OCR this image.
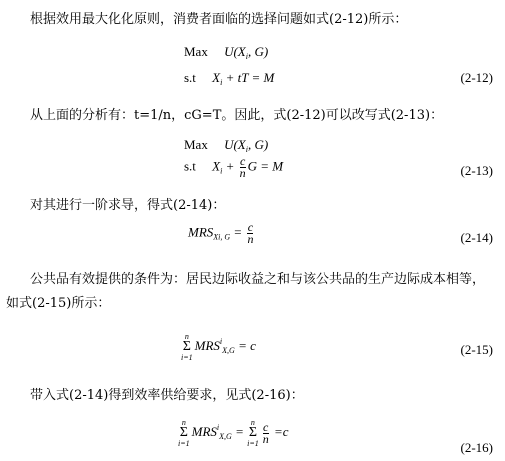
根据效用最大化化原则，消费者面临的选择问题如式(2-12)所示：
Max $U(X_i$, G)
s.t $X_i$ + tT = M	(2-12)
从上面的分析有：t=1/n，cG=T。因此，式(2-12)可以改写式(2-13)：
Max $U(X_i$, G)
s.t $X_i + \frac{c}{n}$ G = M	(2-13)
对其进行一阶求导，得式(2-14)：
$MRS_{Xi, G} = \frac{c}{n}$	(2-14)
公共品有效提供的条件为：居民边际收益之和与该公共品的生产边际成本相等，
如式(2-15)所示：
n
Σ
i=1
$MRS^i_{X,G} = c$	(2-15)
带入式(2-14)得到效率供给要求，见式(2-16)：
n
Σ
i=1
$MRS^i_{X,G}$ =
n
Σ
$i=1 \frac{c}{n} =c$
(2-16)
